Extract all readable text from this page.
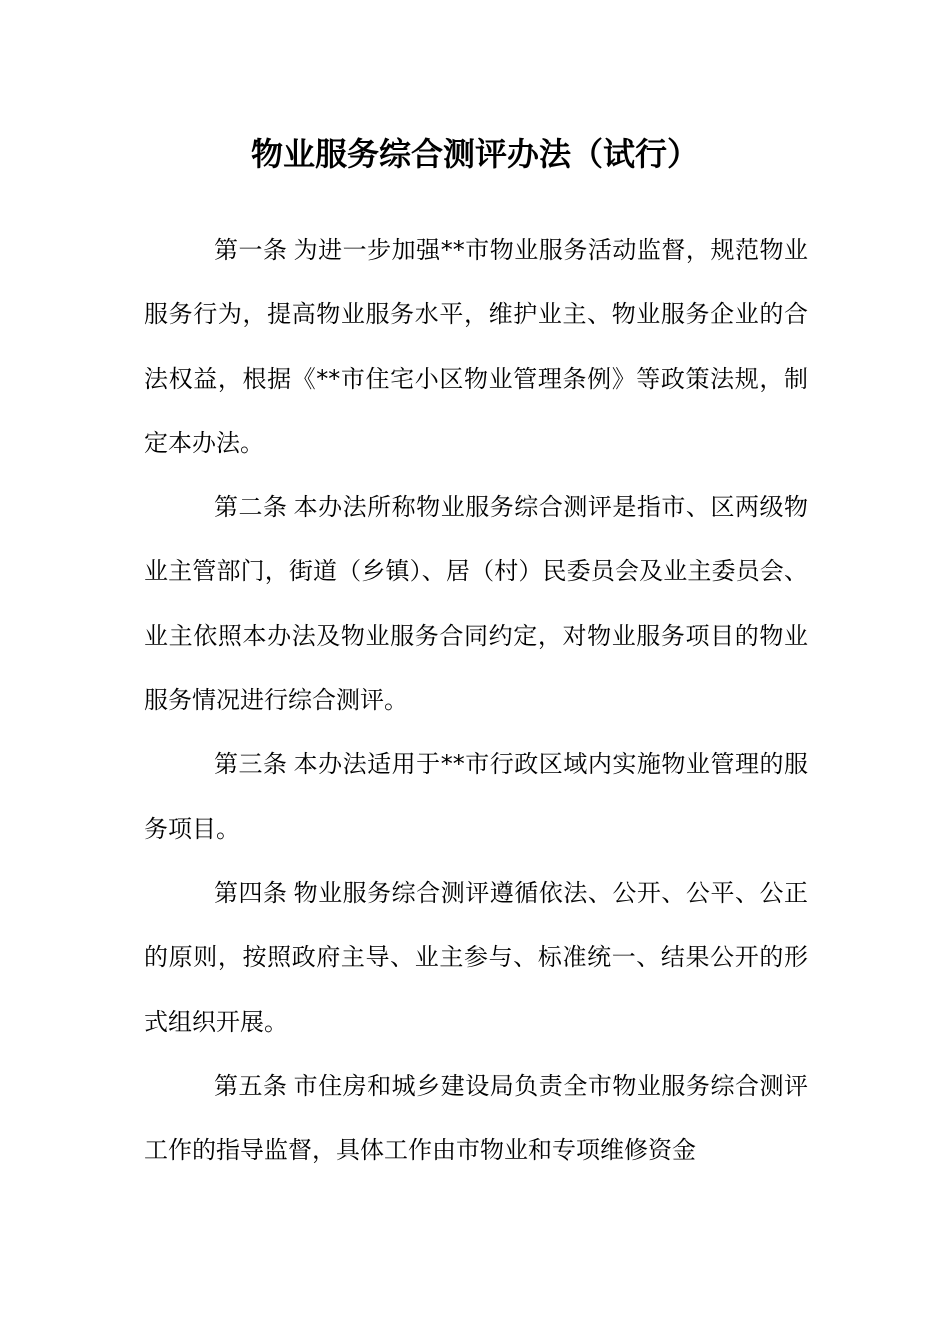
物业服务综合测评办法（试行）

第一条 为进一步加强**市物业服务活动监督，规范物业服务行为，提高物业服务水平，维护业主、物业服务企业的合法权益，根据《**市住宅小区物业管理条例》等政策法规，制定本办法。

第二条 本办法所称物业服务综合测评是指市、区两级物业主管部门，街道（乡镇）、居（村）民委员会及业主委员会、业主依照本办法及物业服务合同约定，对物业服务项目的物业服务情况进行综合测评。

第三条 本办法适用于**市行政区域内实施物业管理的服务项目。

第四条 物业服务综合测评遵循依法、公开、公平、公正的原则，按照政府主导、业主参与、标准统一、结果公开的形式组织开展。

第五条 市住房和城乡建设局负责全市物业服务综合测评工作的指导监督，具体工作由市物业和专项维修资金
